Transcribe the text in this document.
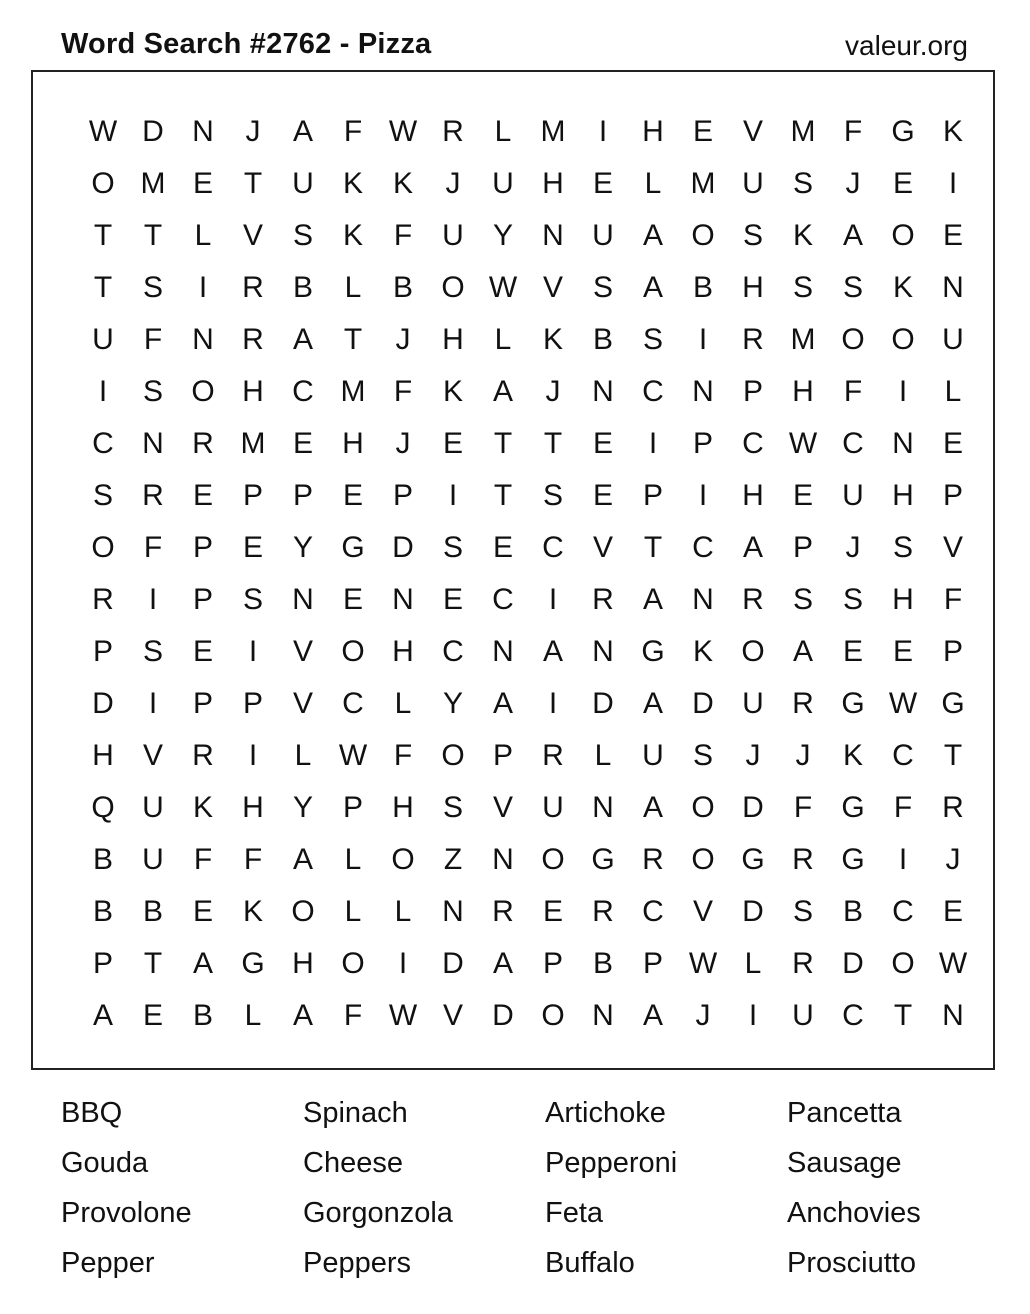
Word Search #2762 - Pizza	valeur.org
W D N	J	A	F W R	L M	I	H E V M F G K
O M E	T	U K K	J	U H E	L M U S	J	E	I
T	T	L	V S K	F	U Y N U A O S K A O E
T	S	I	R B	L	B O W V S A B H S S K N
U	F	N R A	T	J	H	L	K B S	I	R M O O U
I	S O H C M F	K A	J	N C N P H	F	I	L
C N R M E H	J	E	T	T	E	I	P C W C N E
S R E P P E P	I	T	S E P	I	H E U H P
O F	P E Y G D S E C V	T	C A P	J	S V
R	I	P S N E N E C	I	R A N R S S H	F
P S E	I	V O H C N A N G K O A E E P
D	I	P P V C	L	Y A	I	D A D U R G W G
H V R	I	L W F O P R	L	U S	J	J	K C	T
Q U K H Y P H S V U N A O D	F G F	R
B U	F	F	A	L O Z	N O G R O G R G	I	J
B B E K O L	L	N R E R C V D S B C E
P	T	A G H O	I	D A P B P W L	R D O W
A E B	L	A	F W V D O N A	J	I	U C	T	N
BBQ	Spinach	Artichoke	Pancetta
Gouda	Cheese	Pepperoni	Sausage
Provolone	Gorgonzola	Feta	Anchovies
Pepper	Peppers	Buffalo	Prosciutto
